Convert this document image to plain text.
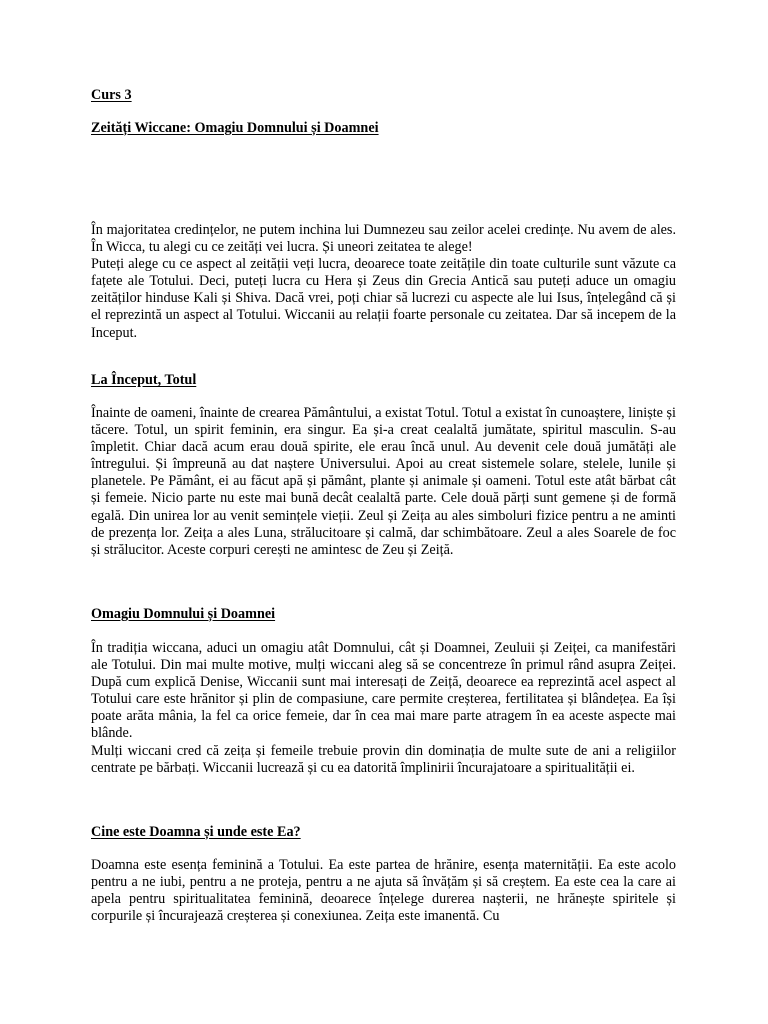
Curs 3
Zeități Wiccane: Omagiu Domnului și Doamnei

În majoritatea credințelor, ne putem inchina lui Dumnezeu sau zeilor acelei credințe. Nu avem de ales. În Wicca, tu alegi cu ce zeități vei lucra. Și uneori zeitatea te alege!

Puteți alege cu ce aspect al zeității veți lucra, deoarece toate zeitățile din toate culturile sunt văzute ca fațete ale Totului. Deci, puteți lucra cu Hera și Zeus din Grecia Antică sau puteți aduce un omagiu zeităților hinduse Kali și Shiva. Dacă vrei, poți chiar să lucrezi cu aspecte ale lui Isus, înțelegând că și el reprezintă un aspect al Totului. Wiccanii au relații foarte personale cu zeitatea. Dar să incepem de la Inceput.

La Început, Totul

Înainte de oameni, înainte de crearea Pământului, a existat Totul. Totul a existat în cunoaștere, liniște și tăcere. Totul, un spirit feminin, era singur. Ea și-a creat cealaltă jumătate, spiritul masculin. S-au împletit. Chiar dacă acum erau două spirite, ele erau încă unul. Au devenit cele două jumătăți ale întregului. Și împreună au dat naștere Universului. Apoi au creat sistemele solare, stelele, lunile și planetele. Pe Pământ, ei au făcut apă și pământ, plante și animale și oameni. Totul este atât bărbat cât și femeie. Nicio parte nu este mai bună decât cealaltă parte. Cele două părți sunt gemene și de formă egală. Din unirea lor au venit semințele vieții. Zeul și Zeița au ales simboluri fizice pentru a ne aminti de prezența lor. Zeița a ales Luna, strălucitoare și calmă, dar schimbătoare. Zeul a ales Soarele de foc și strălucitor. Aceste corpuri cerești ne amintesc de Zeu și Zeiță.

Omagiu Domnului și Doamnei

În tradiția wiccana, aduci un omagiu atât Domnului, cât și Doamnei, Zeuluii și Zeiței, ca manifestări ale Totului. Din mai multe motive, mulți wiccani aleg să se concentreze în primul rând asupra Zeiței. După cum explică Denise, Wiccanii sunt mai interesați de Zeiță, deoarece ea reprezintă acel aspect al Totului care este hrănitor și plin de compasiune, care permite creșterea, fertilitatea și blândețea. Ea își poate arăta mânia, la fel ca orice femeie, dar în cea mai mare parte atragem în ea aceste aspecte mai blânde.

Mulți wiccani cred că zeița și femeile trebuie provin din dominația de multe sute de ani a religiilor centrate pe bărbați. Wiccanii lucrează și cu ea datorită împlinirii încurajatoare a spiritualității ei.

Cine este Doamna și unde este Ea?

Doamna este esența feminină a Totului. Ea este partea de hrănire, esența maternității. Ea este acolo pentru a ne iubi, pentru a ne proteja, pentru a ne ajuta să învățăm și să creștem. Ea este cea la care ai apela pentru spiritualitatea feminină, deoarece înțelege durerea nașterii, ne hrănește spiritele și corpurile și încurajează creșterea și conexiunea. Zeița este imanentă. Cu
